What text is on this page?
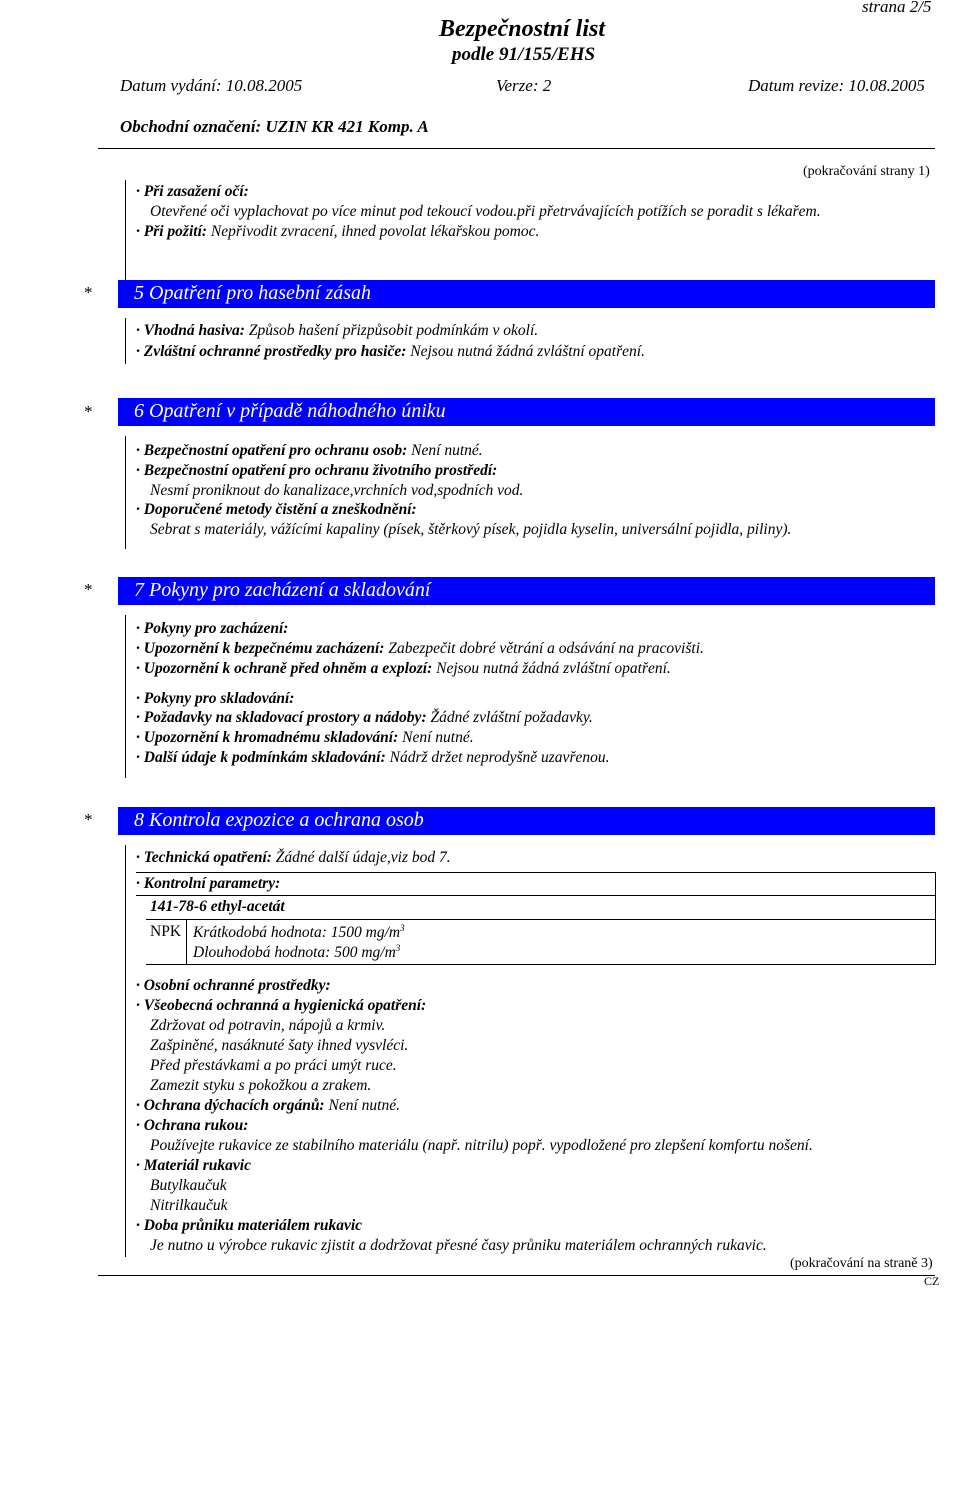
strana 2/5
Bezpečnostní list
podle 91/155/EHS
Datum vydání: 10.08.2005	Verze: 2	Datum revize: 10.08.2005
Obchodní označení: UZIN KR 421 Komp. A
(pokračování strany 1)
· Při zasažení očí:
Otevřené oči vyplachovat po více minut pod tekoucí vodou.při přetrvávajících potížích se poradit s lékařem.
· Při požití: Nepřivodit zvracení, ihned povolat lékařskou pomoc.
* 5 Opatření pro hasební zásah
· Vhodná hasiva: Způsob hašení přizpůsobit podmínkám v okolí.
· Zvláštní ochranné prostředky pro hasiče: Nejsou nutná žádná zvláštní opatření.
* 6 Opatření v případě náhodného úniku
· Bezpečnostní opatření pro ochranu osob: Není nutné.
· Bezpečnostní opatření pro ochranu životního prostředí:
Nesmí proniknout do kanalizace,vrchních vod,spodních vod.
· Doporučené metody čistění a zneškodnění:
Sebrat s materiály, vážícími kapaliny (písek, štěrkový písek, pojidla kyselin, universální pojidla, piliny).
* 7 Pokyny pro zacházení a skladování
· Pokyny pro zacházení:
· Upozornění k bezpečnému zacházení: Zabezpečit dobré větrání a odsávání na pracovišti.
· Upozornění k ochraně před ohněm a explozí: Nejsou nutná žádná zvláštní opatření.
· Pokyny pro skladování:
· Požadavky na skladovací prostory a nádoby: Žádné zvláštní požadavky.
· Upozornění k hromadnému skladování: Není nutné.
· Další údaje k podmínkám skladování: Nádrž držet neprodyšně uzavřenou.
* 8 Kontrola expozice a ochrana osob
· Technická opatření: Žádné další údaje,viz bod 7.
· Kontrolní parametry:
141-78-6 ethyl-acetát
NPK Krátkodobá hodnota: 1500 $mg/m^3$
Dlouhodobá hodnota: 500 $mg/m^3$
· Osobní ochranné prostředky:
· Všeobecná ochranná a hygienická opatření:
Zdržovat od potravin, nápojů a krmiv.
Zašpiněné, nasáknuté šaty ihned vysvléci.
Před přestávkami a po práci umýt ruce.
Zamezit styku s pokožkou a zrakem.
· Ochrana dýchacích orgánů: Není nutné.
· Ochrana rukou:
Používejte rukavice ze stabilního materiálu (např. nitrilu) popř. vypodložené pro zlepšení komfortu nošení.
· Materiál rukavic
Butylkaučuk
Nitrilkaučuk
· Doba průniku materiálem rukavic
Je nutno u výrobce rukavic zjistit a dodržovat přesné časy průniku materiálem ochranných rukavic.
(pokračování na straně 3)
CZ
